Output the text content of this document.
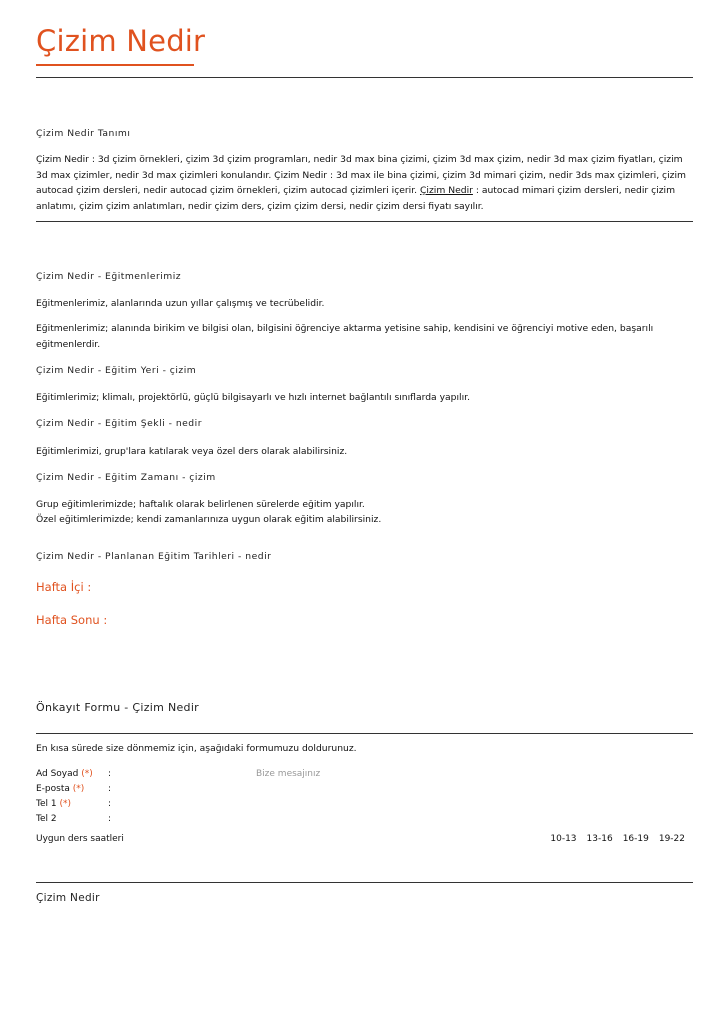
Çizim Nedir
Çizim Nedir Tanımı
Çizim Nedir : 3d çizim örnekleri, çizim 3d çizim programları, nedir 3d max bina çizimi, çizim 3d max çizim, nedir 3d max çizim fiyatları, çizim 3d max çizimler, nedir 3d max çizimleri konulandır. Çizim Nedir : 3d max ile bina çizimi, çizim 3d mimari çizim, nedir 3ds max çizimleri, çizim autocad çizim dersleri, nedir autocad çizim örnekleri, çizim autocad çizimleri içerir. Çizim Nedir : autocad mimari çizim dersleri, nedir çizim anlatımı, çizim çizim anlatımları, nedir çizim ders, çizim çizim dersi, nedir çizim dersi fiyatı sayılır.
Çizim Nedir - Eğitmenlerimiz
Eğitmenlerimiz, alanlarında uzun yıllar çalışmış ve tecrübelidir.
Eğitmenlerimiz; alanında birikim ve bilgisi olan, bilgisini öğrenciye aktarma yetisine sahip, kendisini ve öğrenciyi motive eden, başarılı eğitmenlerdir.
Çizim Nedir - Eğitim Yeri - çizim
Eğitimlerimiz; klimalı, projektörlü, güçlü bilgisayarlı ve hızlı internet bağlantılı sınıflarda yapılır.
Çizim Nedir - Eğitim Şekli - nedir
Eğitimlerimizi, grup'lara katılarak veya özel ders olarak alabilirsiniz.
Çizim Nedir - Eğitim Zamanı - çizim
Grup eğitimlerimizde; haftalık olarak belirlenen sürelerde eğitim yapılır.
Özel eğitimlerimizde; kendi zamanlarınıza uygun olarak eğitim alabilirsiniz.
Çizim Nedir - Planlanan Eğitim Tarihleri - nedir
Hafta İçi :
Hafta Sonu :
Önkayıt Formu - Çizim Nedir
En kısa sürede size dönmemiz için, aşağıdaki formumuzu doldurunuz.
Ad Soyad (*) :
E-posta (*)	:
Tel 1 (*)	:
Tel 2	:
Bize mesajınız
Uygun ders saatleri	10-13 13-16 16-19 19-22
Çizim Nedir
